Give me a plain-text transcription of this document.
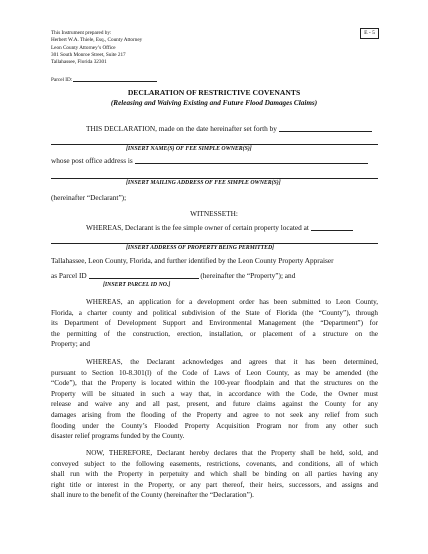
This Instrument prepared by:
Herbert W.A. Thiele, Esq., County Attorney
Leon County Attorney’s Office
301 South Monroe Street, Suite 217
Tallahassee, Florida 32301
E - 5
Parcel ID:
DECLARATION OF RESTRICTIVE COVENANTS
(Releasing and Waiving Existing and Future Flood Damages Claims)
THIS DECLARATION, made on the date hereinafter set forth by
[INSERT NAME(S) OF FEE SIMPLE OWNER(S)]
whose post office address is
[INSERT MAILING ADDRESS OF FEE SIMPLE OWNER(S)]
(hereinafter “Declarant”);
WITNESSETH:
WHEREAS, Declarant is the fee simple owner of certain property located at
[INSERT ADDRESS OF PROPERTY BEING PERMITTED]
Tallahassee, Leon County, Florida, and further identified by the Leon County Property Appraiser
as Parcel ID	(hereinafter the “Property”); and
[INSERT PARCEL ID NO.]
WHEREAS, an application for a development order has been submitted to Leon County,
Florida, a charter county and political subdivision of the State of Florida (the “County”), through
its Department of Development Support and Environmental Management (the “Department”) for
the permitting of the construction, erection, installation, or placement of a structure on the
Property; and
WHEREAS, the Declarant acknowledges and agrees that it has been determined,
pursuant to Section 10-8.301(l) of the Code of Laws of Leon County, as may be amended (the
“Code”), that the Property is located within the 100-year floodplain and that the structures on the
Property will be situated in such a way that, in accordance with the Code, the Owner must
release and waive any and all past, present, and future claims against the County for any
damages arising from the flooding of the Property and agree to not seek any relief from such
flooding under the County’s Flooded Property Acquisition Program nor from any other such
disaster relief programs funded by the County.
NOW, THEREFORE, Declarant hereby declares that the Property shall be held, sold, and
conveyed subject to the following easements, restrictions, covenants, and conditions, all of which
shall run with the Property in perpetuity and which shall be binding on all parties having any
right title or interest in the Property, or any part thereof, their heirs, successors, and assigns and
shall inure to the benefit of the County (hereinafter the “Declaration”).
